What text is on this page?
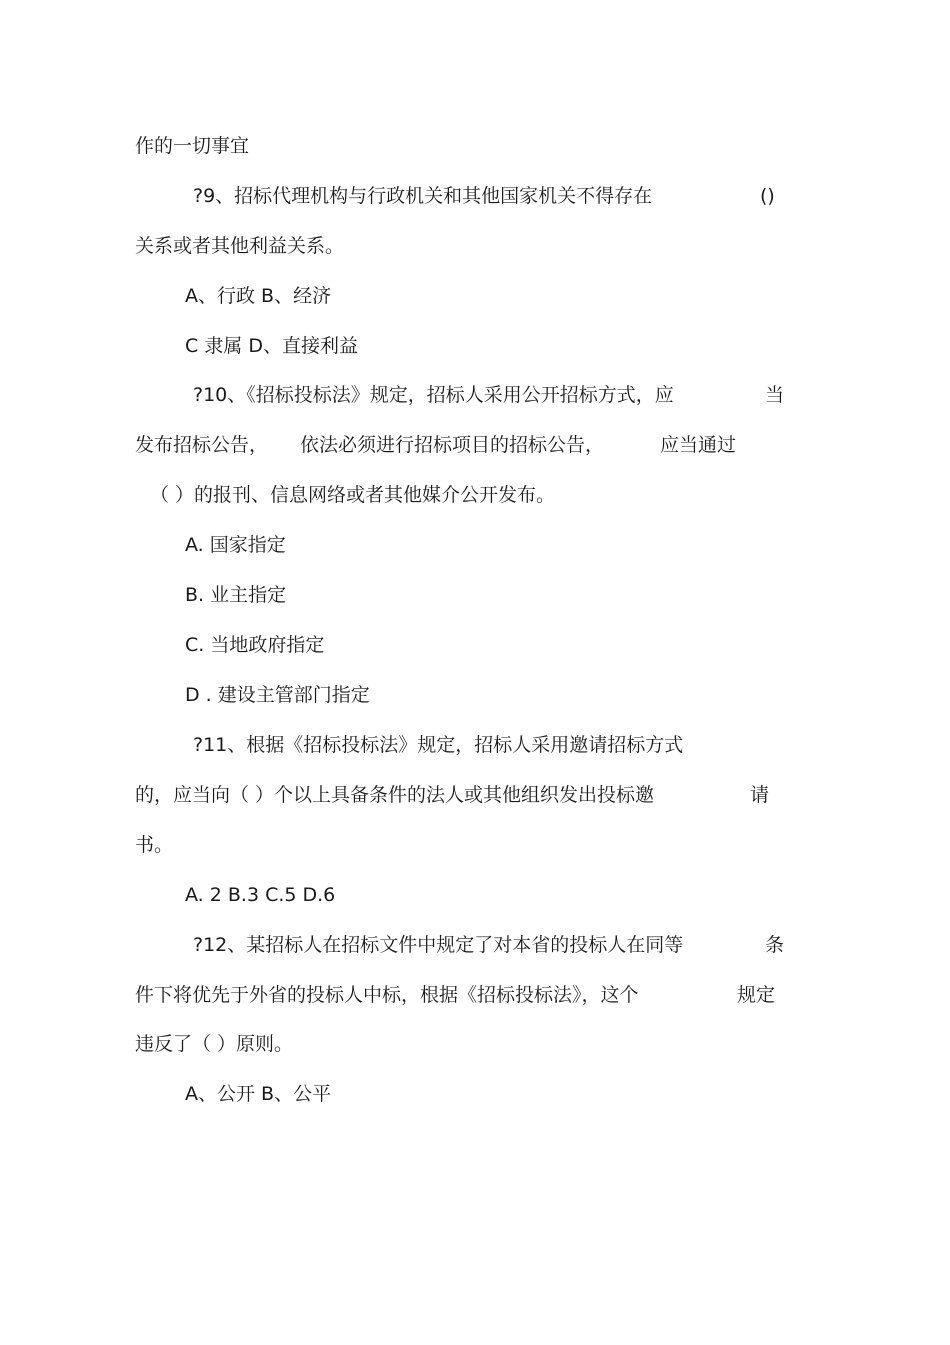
作的一切事宜
?9、招标代理机构与行政机关和其他国家机关不得存在	()
关系或者其他利益关系。
A、行政 B、经济
C 隶属 D、直接利益
?10、《招标投标法》规定，招标人采用公开招标方式，应	当
发布招标公告， 依法必须进行招标项目的招标公告，	应当通过
（ ）的报刊、信息网络或者其他媒介公开发布。
A. 国家指定
B. 业主指定
C. 当地政府指定
D . 建设主管部门指定
?11、根据《招标投标法》规定，招标人采用邀请招标方式
的，应当向（ ）个以上具备条件的法人或其他组织发出投标邀	请
书。
A. 2 B.3 C.5 D.6
?12、某招标人在招标文件中规定了对本省的投标人在同等	条
件下将优先于外省的投标人中标，根据《招标投标法》，这个	规定
违反了（ ）原则。
A、公开 B、公平
